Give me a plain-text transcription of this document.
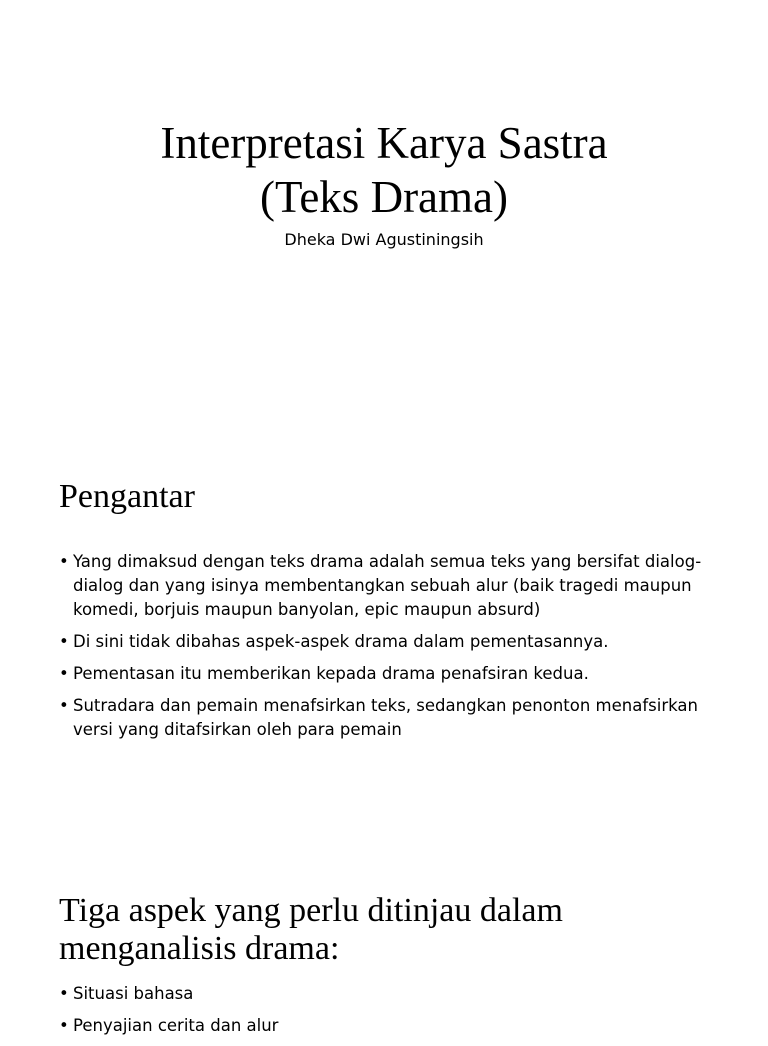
Interpretasi Karya Sastra
(Teks Drama)
Dheka Dwi Agustiningsih
Pengantar
• Yang dimaksud dengan teks drama adalah semua teks yang bersifat dialog-dialog dan yang isinya membentangkan sebuah alur (baik tragedi maupun komedi, borjuis maupun banyolan, epic maupun absurd)
• Di sini tidak dibahas aspek-aspek drama dalam pementasannya.
• Pementasan itu memberikan kepada drama penafsiran kedua.
• Sutradara dan pemain menafsirkan teks, sedangkan penonton menafsirkan versi yang ditafsirkan oleh para pemain
Tiga aspek yang perlu ditinjau dalam
menganalisis drama:
• Situasi bahasa
• Penyajian cerita dan alur
